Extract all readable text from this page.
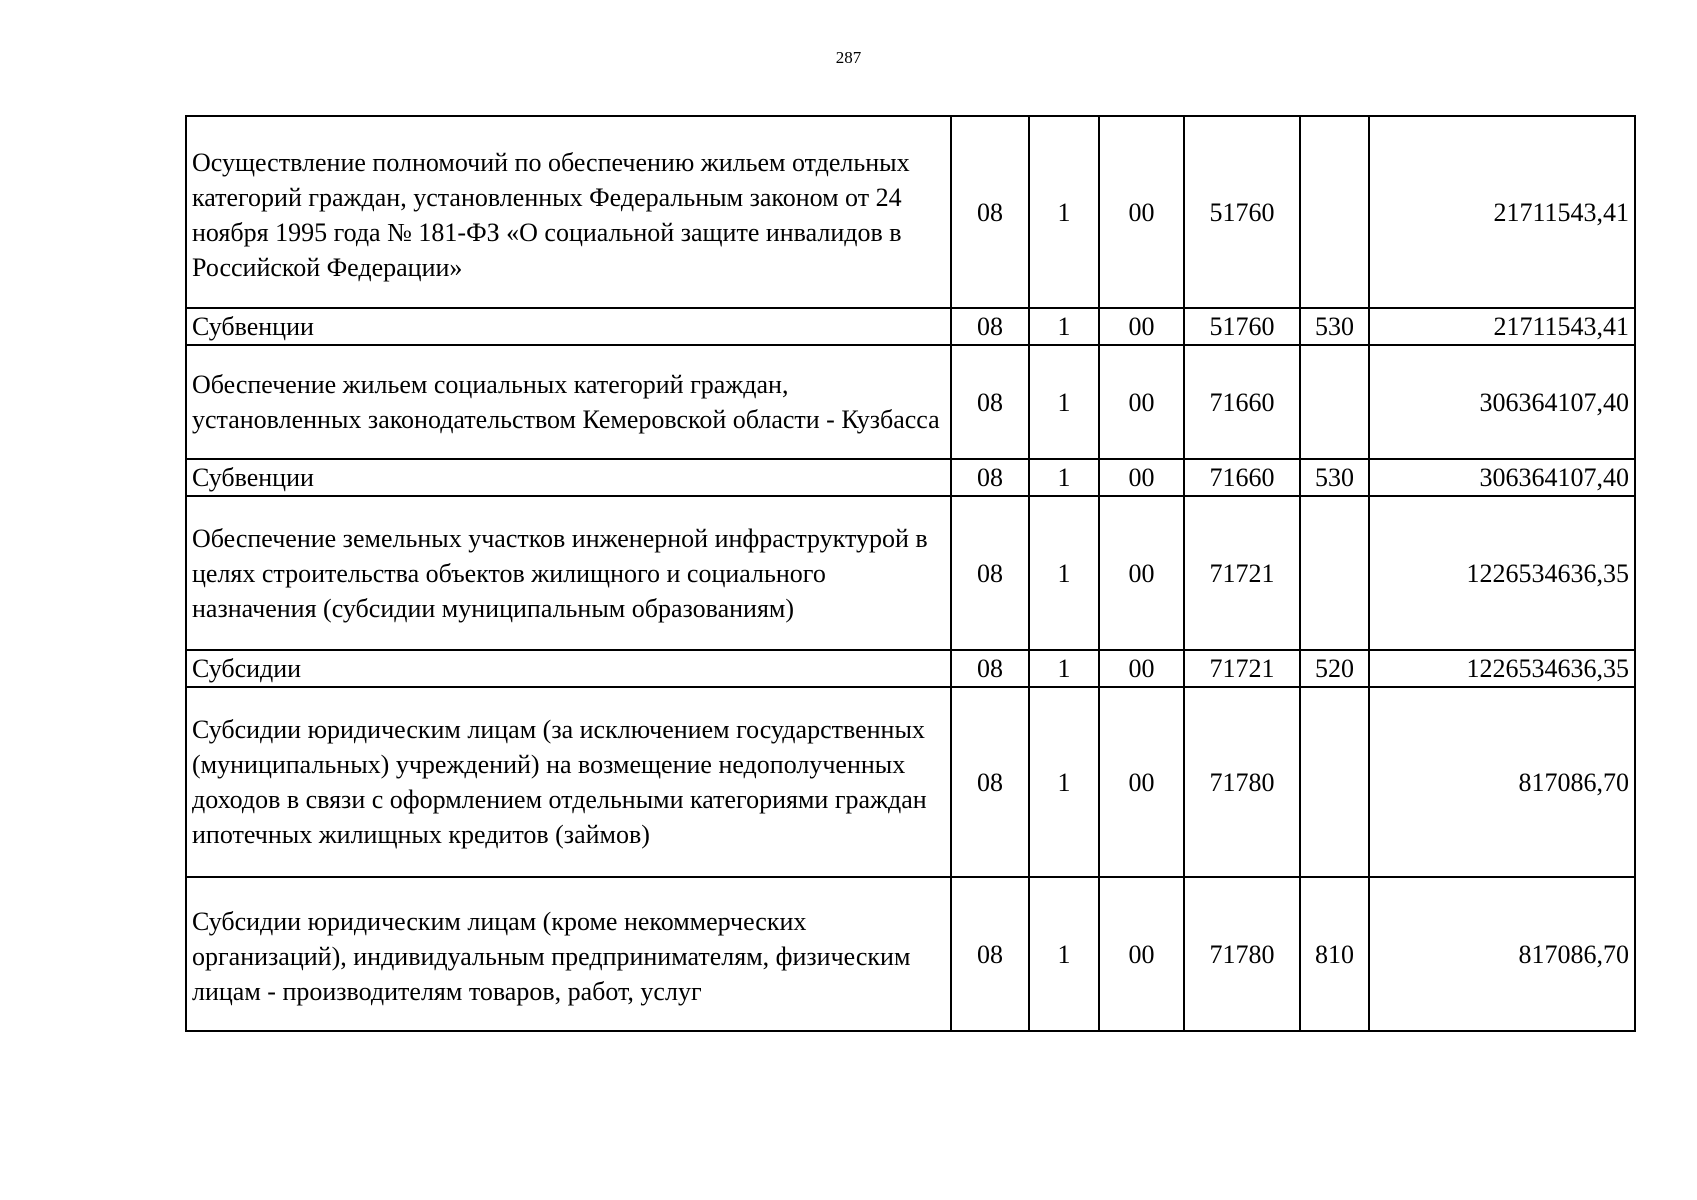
287
Осуществление полномочий по обеспечению жильем отдельных категорий граждан, установленных Федеральным законом от 24 ноября 1995 года № 181-ФЗ «О социальной защите инвалидов в Российской Федерации»	08	1	00	51760		21711543,41
Субвенции	08	1	00	51760	530	21711543,41
Обеспечение жильем социальных категорий граждан, установленных законодательством Кемеровской области - Кузбасса	08	1	00	71660		306364107,40
Субвенции	08	1	00	71660	530	306364107,40
Обеспечение земельных участков инженерной инфраструктурой в целях строительства объектов жилищного и социального назначения (субсидии муниципальным образованиям)	08	1	00	71721		1226534636,35
Субсидии	08	1	00	71721	520	1226534636,35
Субсидии юридическим лицам (за исключением государственных (муниципальных) учреждений) на возмещение недополученных доходов в связи с оформлением отдельными категориями граждан ипотечных жилищных кредитов (займов)	08	1	00	71780		817086,70
Субсидии юридическим лицам (кроме некоммерческих организаций), индивидуальным предпринимателям, физическим лицам - производителям товаров, работ, услуг	08	1	00	71780	810	817086,70
